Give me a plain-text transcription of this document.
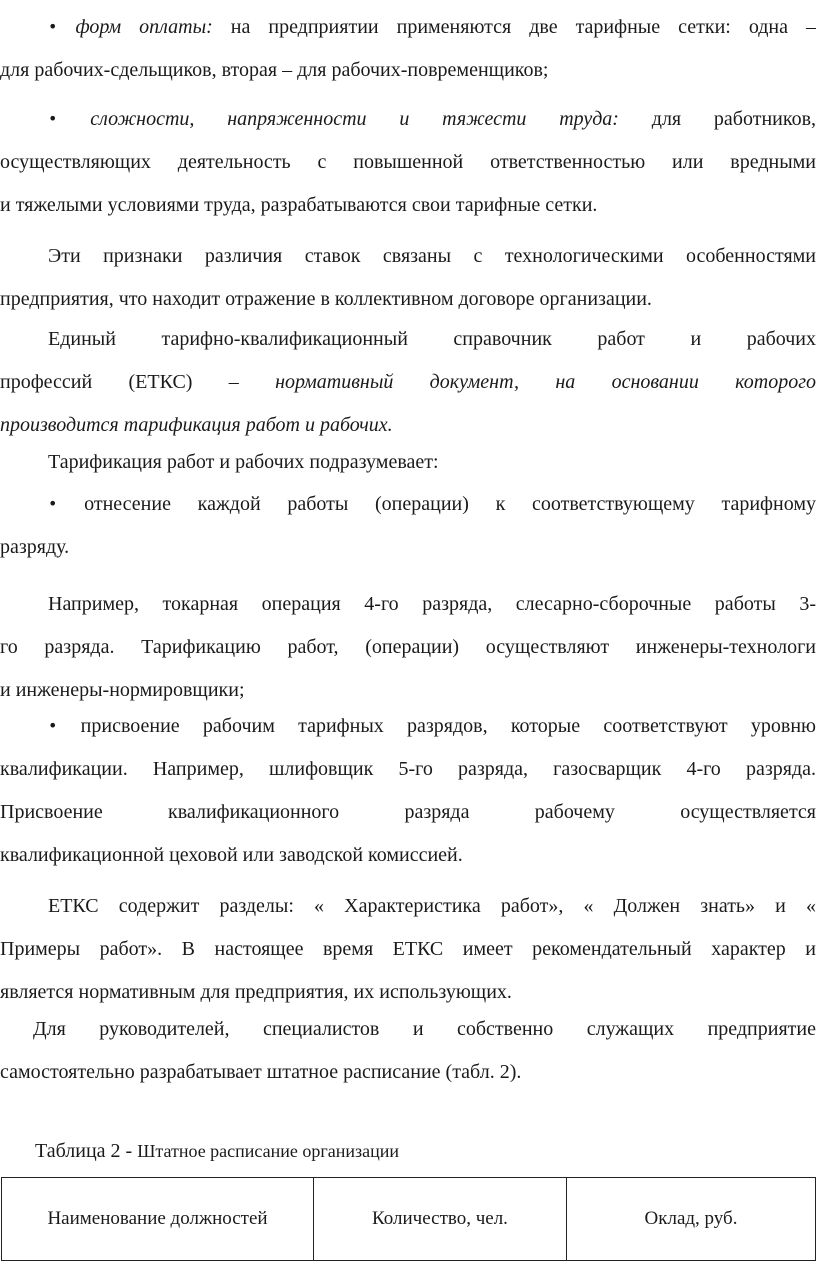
• форм оплаты: на предприятии применяются две тарифные сетки: одна –
для рабочих-сдельщиков, вторая – для рабочих-повременщиков;
• сложности, напряженности и тяжести труда: для работников,
осуществляющих деятельность с повышенной ответственностью или вредными
и тяжелыми условиями труда, разрабатываются свои тарифные сетки.
Эти признаки различия ставок связаны с технологическими особенностями
предприятия, что находит отражение в коллективном договоре организации.
Единый тарифно-квалификационный справочник работ и рабочих
профессий (ЕТКС) – нормативный документ, на основании которого
производится тарификация работ и рабочих.
Тарификация работ и рабочих подразумевает:
• отнесение каждой работы (операции) к соответствующему тарифному
разряду.
Например, токарная операция 4-го разряда, слесарно-сборочные работы 3-
го разряда. Тарификацию работ, (операции) осуществляют инженеры-технологи
и инженеры-нормировщики;
• присвоение рабочим тарифных разрядов, которые соответствуют уровню
квалификации. Например, шлифовщик 5-го разряда, газосварщик 4-го разряда.
Присвоение квалификационного разряда рабочему осуществляется
квалификационной цеховой или заводской комиссией.
ЕТКС содержит разделы: « Характеристика работ», « Должен знать» и «
Примеры работ». В настоящее время ЕТКС имеет рекомендательный характер и
является нормативным для предприятия, их использующих.
Для руководителей, специалистов и собственно служащих предприятие
самостоятельно разрабатывает штатное расписание (табл. 2).
Таблица 2 - Штатное расписание организации
Наименование должностей	Количество, чел.	Оклад, руб.
